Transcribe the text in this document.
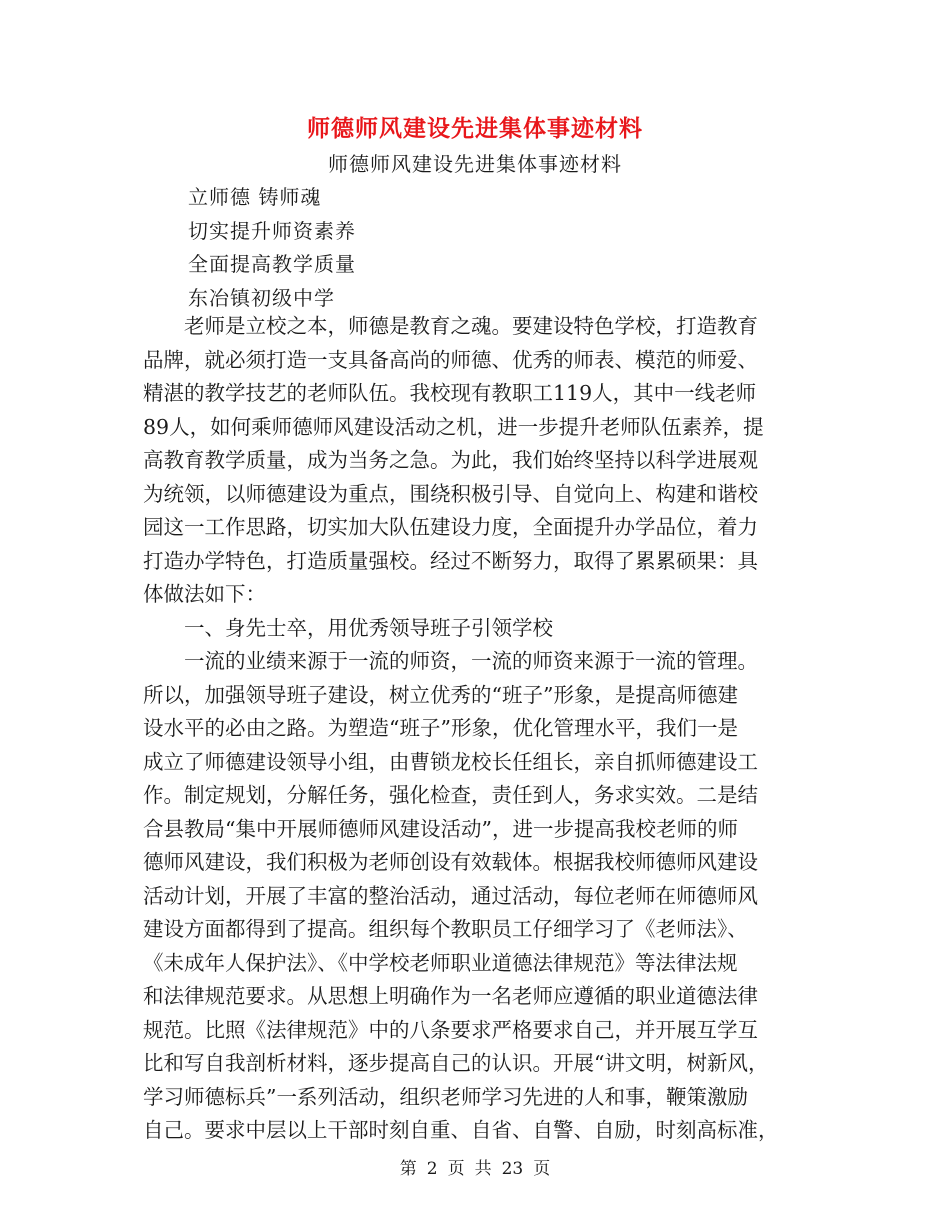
师德师风建设先进集体事迹材料
师德师风建设先进集体事迹材料
立师德 铸师魂
切实提升师资素养
全面提高教学质量
东冶镇初级中学
　　老师是立校之本，师德是教育之魂。要建设特色学校，打造教育
品牌，就必须打造一支具备高尚的师德、优秀的师表、模范的师爱、
精湛的教学技艺的老师队伍。我校现有教职工119人，其中一线老师
89人，如何乘师德师风建设活动之机，进一步提升老师队伍素养，提
高教育教学质量，成为当务之急。为此，我们始终坚持以科学进展观
为统领，以师德建设为重点，围绕积极引导、自觉向上、构建和谐校
园这一工作思路，切实加大队伍建设力度，全面提升办学品位，着力
打造办学特色，打造质量强校。经过不断努力，取得了累累硕果：具
体做法如下：
　　一、身先士卒，用优秀领导班子引领学校
　　一流的业绩来源于一流的师资，一流的师资来源于一流的管理。
所以，加强领导班子建设，树立优秀的“班子”形象，是提高师德建
设水平的必由之路。为塑造“班子”形象，优化管理水平，我们一是
成立了师德建设领导小组，由曹锁龙校长任组长，亲自抓师德建设工
作。制定规划，分解任务，强化检查，责任到人，务求实效。二是结
合县教局“集中开展师德师风建设活动”，进一步提高我校老师的师
德师风建设，我们积极为老师创设有效载体。根据我校师德师风建设
活动计划，开展了丰富的整治活动，通过活动，每位老师在师德师风
建设方面都得到了提高。组织每个教职员工仔细学习了《老师法》、
《未成年人保护法》、《中学校老师职业道德法律规范》等法律法规
和法律规范要求。从思想上明确作为一名老师应遵循的职业道德法律
规范。比照《法律规范》中的八条要求严格要求自己，并开展互学互
比和写自我剖析材料，逐步提高自己的认识。开展“讲文明，树新风，
学习师德标兵”一系列活动，组织老师学习先进的人和事，鞭策激励
自己。要求中层以上干部时刻自重、自省、自警、自励，时刻高标准，
第 2 页 共 23 页
